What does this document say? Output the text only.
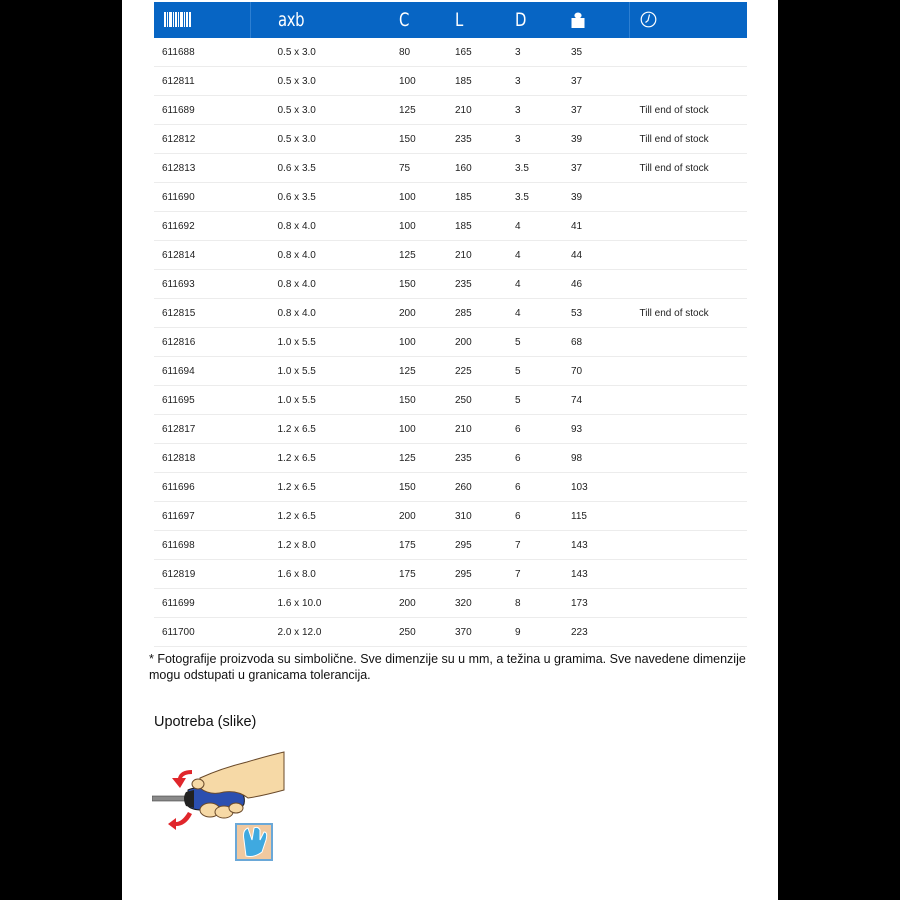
	axb	C	L	D		
611688	0.5 x 3.0	80	165	3	35	
612811	0.5 x 3.0	100	185	3	37	
611689	0.5 x 3.0	125	210	3	37	Till end of stock
612812	0.5 x 3.0	150	235	3	39	Till end of stock
612813	0.6 x 3.5	75	160	3.5	37	Till end of stock
611690	0.6 x 3.5	100	185	3.5	39	
611692	0.8 x 4.0	100	185	4	41	
612814	0.8 x 4.0	125	210	4	44	
611693	0.8 x 4.0	150	235	4	46	
612815	0.8 x 4.0	200	285	4	53	Till end of stock
612816	1.0 x 5.5	100	200	5	68	
611694	1.0 x 5.5	125	225	5	70	
611695	1.0 x 5.5	150	250	5	74	
612817	1.2 x 6.5	100	210	6	93	
612818	1.2 x 6.5	125	235	6	98	
611696	1.2 x 6.5	150	260	6	103	
611697	1.2 x 6.5	200	310	6	115	
611698	1.2 x 8.0	175	295	7	143	
612819	1.6 x 8.0	175	295	7	143	
611699	1.6 x 10.0	200	320	8	173	
611700	2.0 x 12.0	250	370	9	223	
* Fotografije proizvoda su simbolične. Sve dimenzije su u mm, a težina u gramima. Sve navedene dimenzije mogu odstupati u granicama tolerancija.
Upotreba (slike)
